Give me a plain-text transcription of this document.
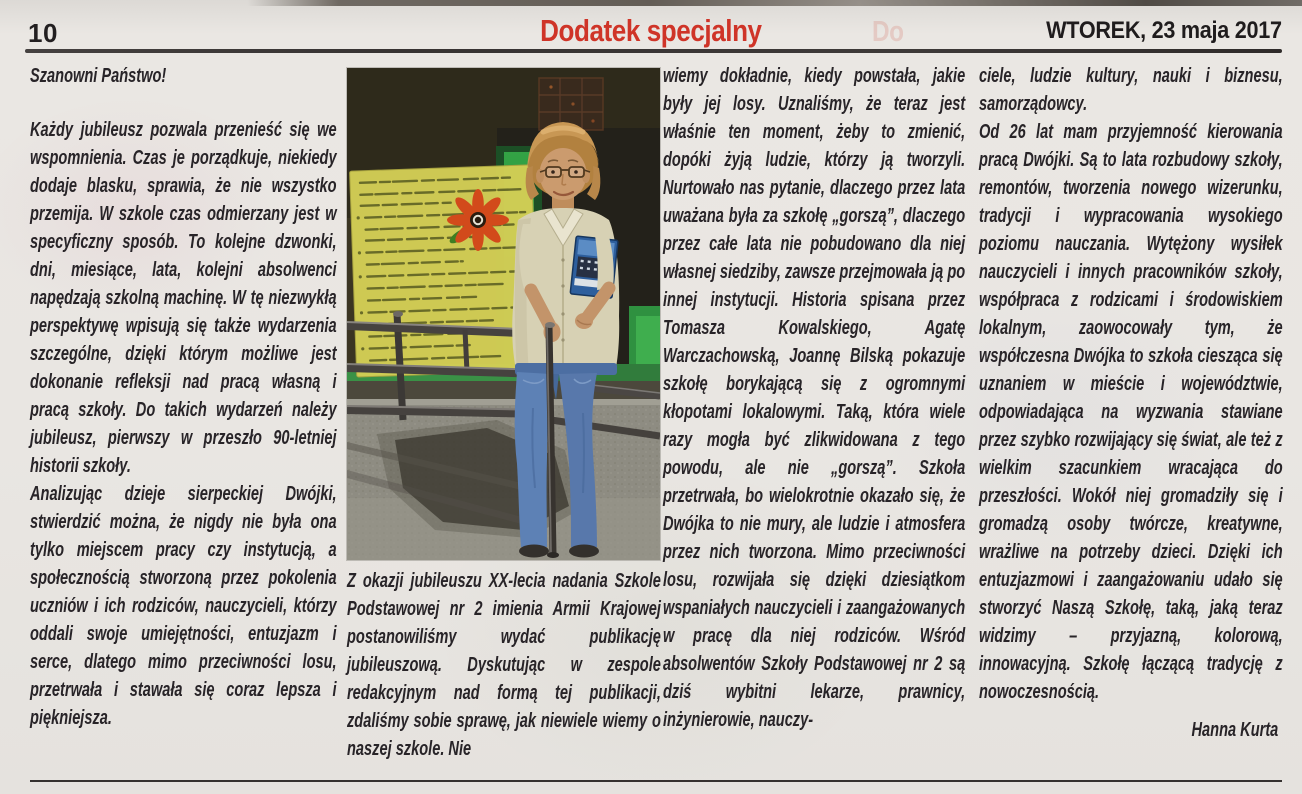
10	Dodatek specjalny	Do	WTOREK, 23 maja 2017

Szanowni Państwo!

Każdy jubileusz pozwala przenieść się we wspomnienia. Czas je porządkuje, niekiedy dodaje blasku, sprawia, że nie wszystko przemija. W szkole czas odmierzany jest w specyficzny sposób. To kolejne dzwonki, dni, miesiące, lata, kolejni absolwenci napędzają szkolną machinę. W tę niezwykłą perspektywę wpisują się także wydarzenia szczególne, dzięki którym możliwe jest dokonanie refleksji nad pracą własną i pracą szkoły. Do takich wydarzeń należy jubileusz, pierwszy w przeszło 90-letniej historii szkoły.

Analizując dzieje sierpeckiej Dwójki, stwierdzić można, że nigdy nie była ona tylko miejscem pracy czy instytucją, a społecznością stworzoną przez pokolenia uczniów i ich rodziców, nauczycieli, którzy oddali swoje umiejętności, entuzjazm i serce, dlatego mimo przeciwności losu, przetrwała i stawała się coraz lepsza i piękniejsza.

Z okazji jubileuszu XX-lecia nadania Szkole Podstawowej nr 2 imienia Armii Krajowej postanowiliśmy wydać publikację jubileuszową. Dyskutując w zespole redakcyjnym nad formą tej publikacji, zdaliśmy sobie sprawę, jak niewiele wiemy o naszej szkole. Nie

wiemy dokładnie, kiedy powstała, jakie były jej losy. Uznaliśmy, że teraz jest właśnie ten moment, żeby to zmienić, dopóki żyją ludzie, którzy ją tworzyli. Nurtowało nas pytanie, dlaczego przez lata uważana była za szkołę „gorszą”, dlaczego przez całe lata nie pobudowano dla niej własnej siedziby, zawsze przejmowała ją po innej instytucji. Historia spisana przez Tomasza Kowalskiego, Agatę Warczachowską, Joannę Bilską pokazuje szkołę borykającą się z ogromnymi kłopotami lokalowymi. Taką, która wiele razy mogła być zlikwidowana z tego powodu, ale nie „gorszą”. Szkoła przetrwała, bo wielokrotnie okazało się, że Dwójka to nie mury, ale ludzie i atmosfera przez nich tworzona. Mimo przeciwności losu, rozwijała się dzięki dziesiątkom wspaniałych nauczycieli i zaangażowanych w pracę dla niej rodziców. Wśród absolwentów Szkoły Podstawowej nr 2 są dziś wybitni lekarze, prawnicy, inżynierowie, nauczy-

ciele, ludzie kultury, nauki i biznesu, samorządowcy.

Od 26 lat mam przyjemność kierowania pracą Dwójki. Są to lata rozbudowy szkoły, remontów, tworzenia nowego wizerunku, tradycji i wypracowania wysokiego poziomu nauczania. Wytężony wysiłek nauczycieli i innych pracowników szkoły, współpraca z rodzicami i środowiskiem lokalnym, zaowocowały tym, że współczesna Dwójka to szkoła ciesząca się uznaniem w mieście i województwie, odpowiadająca na wyzwania stawiane przez szybko rozwijający się świat, ale też z wielkim szacunkiem wracająca do przeszłości. Wokół niej gromadziły się i gromadzą osoby twórcze, kreatywne, wrażliwe na potrzeby dzieci. Dzięki ich entuzjazmowi i zaangażowaniu udało się stworzyć Naszą Szkołę, taką, jaką teraz widzimy – przyjazną, kolorową, innowacyjną. Szkołę łączącą tradycję z nowoczesnością.

Hanna Kurta
